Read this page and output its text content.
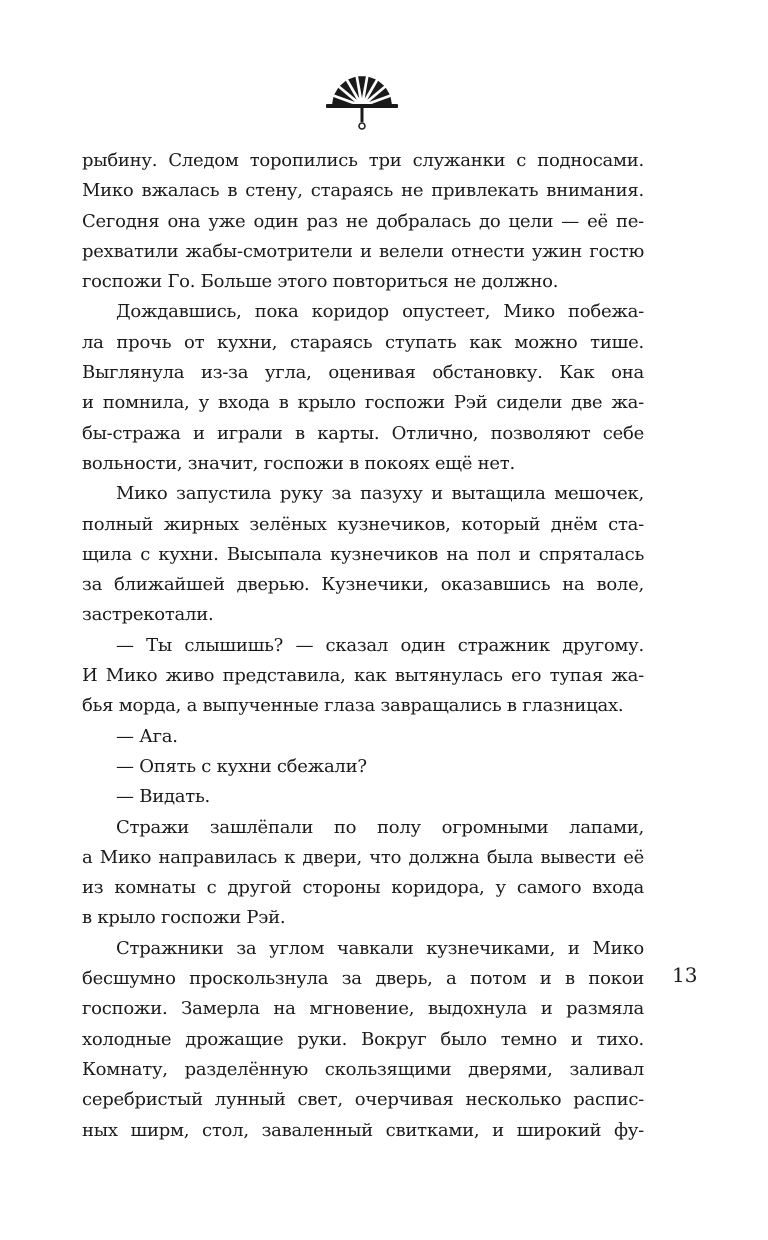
рыбину. Следом торопились три служанки с подносами.
Мико вжалась в стену, стараясь не привлекать внимания.
Сегодня она уже один раз не добралась до цели — её пе-
рехватили жабы-смотрители и велели отнести ужин гостю
госпожи Го. Больше этого повториться не должно.
Дождавшись, пока коридор опустеет, Мико побежа-
ла прочь от кухни, стараясь ступать как можно тише.
Выглянула из-за угла, оценивая обстановку. Как она
и помнила, у входа в крыло госпожи Рэй сидели две жа-
бы-стража и играли в карты. Отлично, позволяют себе
вольности, значит, госпожи в покоях ещё нет.
Мико запустила руку за пазуху и вытащила мешочек,
полный жирных зелёных кузнечиков, который днём ста-
щила с кухни. Высыпала кузнечиков на пол и спряталась
за ближайшей дверью. Кузнечики, оказавшись на воле,
застрекотали.
— Ты слышишь? — сказал один стражник другому.
И Мико живо представила, как вытянулась его тупая жа-
бья морда, а выпученные глаза завращались в глазницах.
— Ага.
— Опять с кухни сбежали?
— Видать.
Стражи зашлёпали по полу огромными лапами,
а Мико направилась к двери, что должна была вывести её
из комнаты с другой стороны коридора, у самого входа
в крыло госпожи Рэй.
Стражники за углом чавкали кузнечиками, и Мико
бесшумно проскользнула за дверь, а потом и в покои
госпожи. Замерла на мгновение, выдохнула и размяла
холодные дрожащие руки. Вокруг было темно и тихо.
Комнату, разделённую скользящими дверями, заливал
серебристый лунный свет, очерчивая несколько распис-
ных ширм, стол, заваленный свитками, и широкий фу-
13
